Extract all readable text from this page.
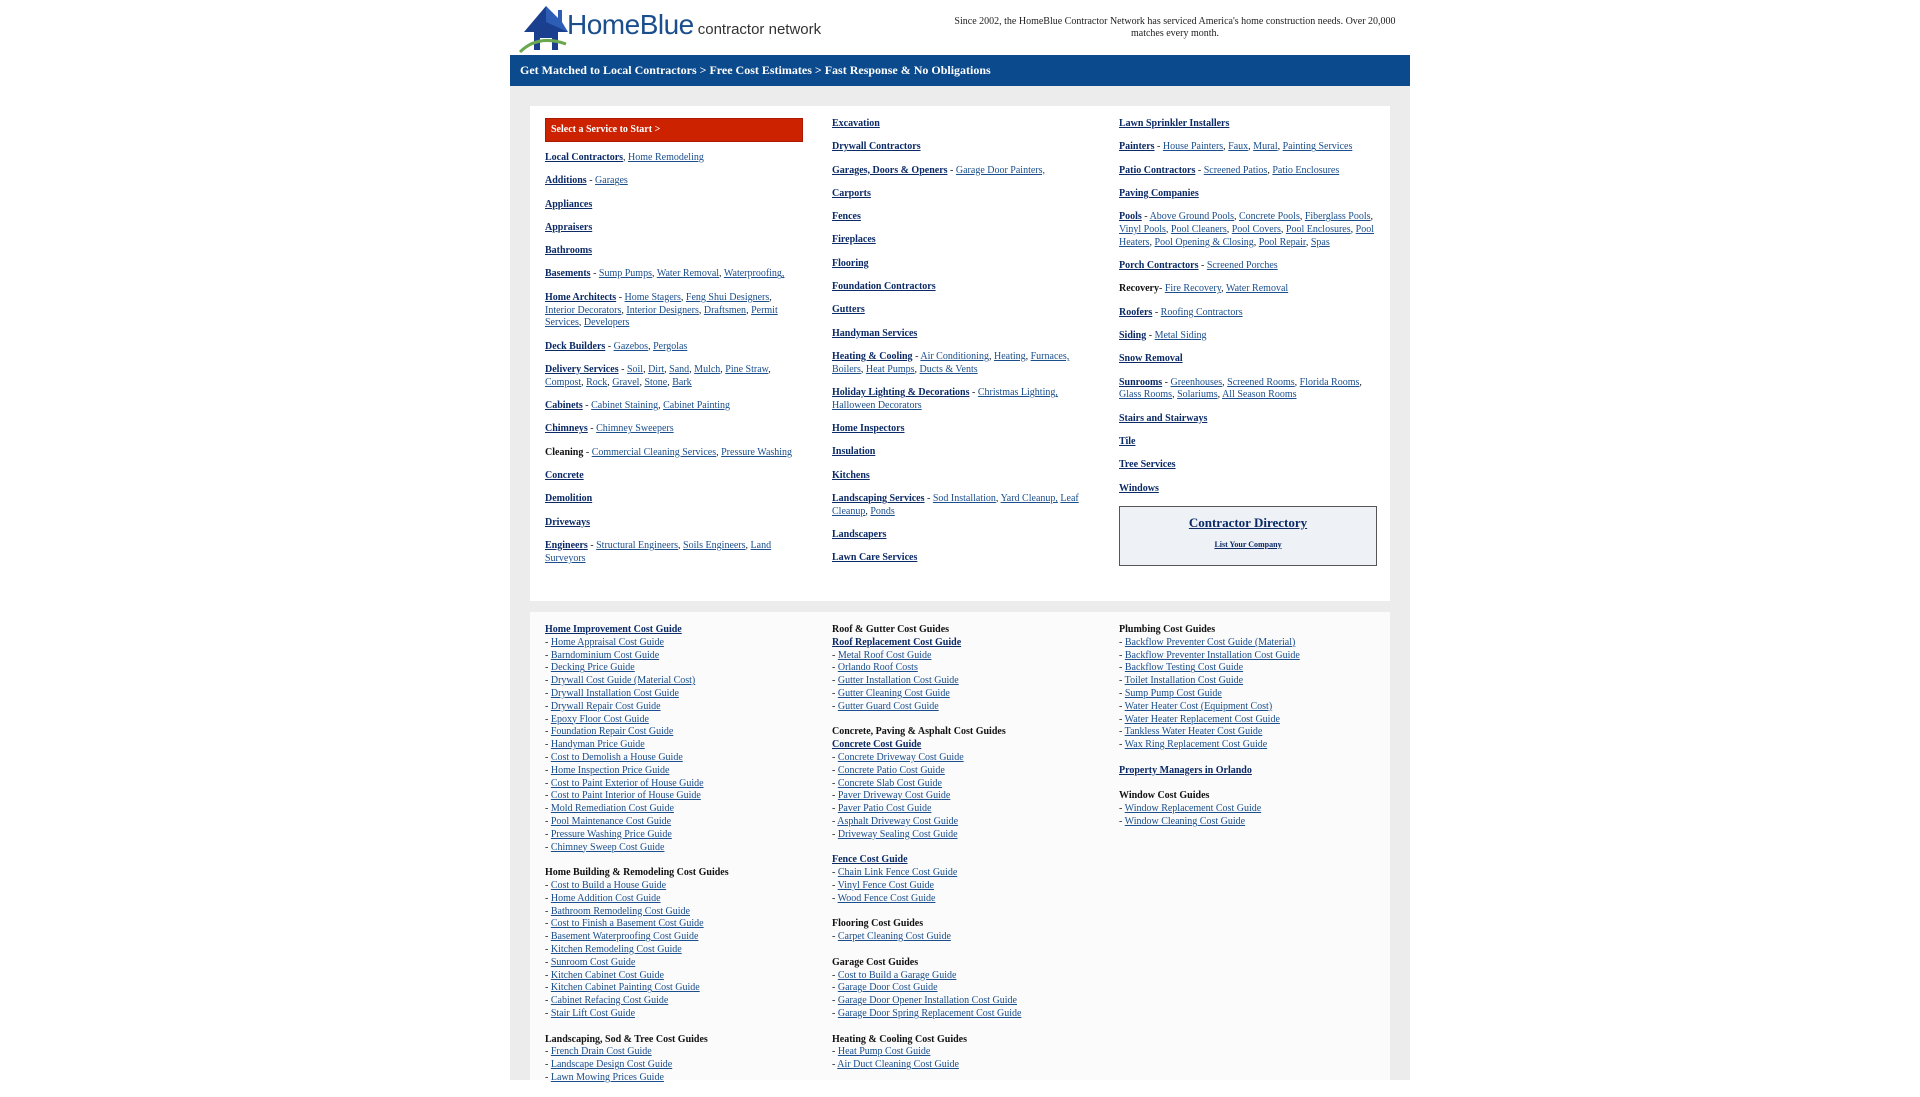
HomeBlue contractor network	Since 2002, the HomeBlue Contractor Network has serviced America's home construction needs. Over 20,000 matches every month.
Get Matched to Local Contractors > Free Cost Estimates > Fast Response & No Obligations
Select a Service to Start >
Local Contractors, Home Remodeling
Additions - Garages
Appliances
Appraisers
Bathrooms
Basements - Sump Pumps, Water Removal, Waterproofing,
Home Architects - Home Stagers, Feng Shui Designers, Interior Decorators, Interior Designers, Draftsmen, Permit Services, Developers
Deck Builders - Gazebos, Pergolas
Delivery Services - Soil, Dirt, Sand, Mulch, Pine Straw, Compost, Rock, Gravel, Stone, Bark
Cabinets - Cabinet Staining, Cabinet Painting
Chimneys - Chimney Sweepers
Cleaning - Commercial Cleaning Services, Pressure Washing
Concrete
Demolition
Driveways
Engineers - Structural Engineers, Soils Engineers, Land Surveyors
Excavation
Drywall Contractors
Garages, Doors & Openers - Garage Door Painters,
Carports
Fences
Fireplaces
Flooring
Foundation Contractors
Gutters
Handyman Services
Heating & Cooling - Air Conditioning, Heating, Furnaces, Boilers, Heat Pumps, Ducts & Vents
Holiday Lighting & Decorations - Christmas Lighting, Halloween Decorators
Home Inspectors
Insulation
Kitchens
Landscaping Services - Sod Installation, Yard Cleanup, Leaf Cleanup, Ponds
Landscapers
Lawn Care Services
Lawn Sprinkler Installers
Painters - House Painters, Faux, Mural, Painting Services
Patio Contractors - Screened Patios, Patio Enclosures
Paving Companies
Pools - Above Ground Pools, Concrete Pools, Fiberglass Pools, Vinyl Pools, Pool Cleaners, Pool Covers, Pool Enclosures, Pool Heaters, Pool Opening & Closing, Pool Repair, Spas
Porch Contractors - Screened Porches
Recovery- Fire Recovery, Water Removal
Roofers - Roofing Contractors
Siding - Metal Siding
Snow Removal
Sunrooms - Greenhouses, Screened Rooms, Florida Rooms, Glass Rooms, Solariums, All Season Rooms
Stairs and Stairways
Tile
Tree Services
Windows
Contractor Directory
List Your Company
Home Improvement Cost Guide
- Home Appraisal Cost Guide
- Barndominium Cost Guide
- Decking Price Guide
- Drywall Cost Guide (Material Cost)
- Drywall Installation Cost Guide
- Drywall Repair Cost Guide
- Epoxy Floor Cost Guide
- Foundation Repair Cost Guide
- Handyman Price Guide
- Cost to Demolish a House Guide
- Home Inspection Price Guide
- Cost to Paint Exterior of House Guide
- Cost to Paint Interior of House Guide
- Mold Remediation Cost Guide
- Pool Maintenance Cost Guide
- Pressure Washing Price Guide
- Chimney Sweep Cost Guide
Home Building & Remodeling Cost Guides
- Cost to Build a House Guide
- Home Addition Cost Guide
- Bathroom Remodeling Cost Guide
- Cost to Finish a Basement Cost Guide
- Basement Waterproofing Cost Guide
- Kitchen Remodeling Cost Guide
- Sunroom Cost Guide
- Kitchen Cabinet Cost Guide
- Kitchen Cabinet Painting Cost Guide
- Cabinet Refacing Cost Guide
- Stair Lift Cost Guide
Landscaping, Sod & Tree Cost Guides
- French Drain Cost Guide
- Landscape Design Cost Guide
- Lawn Mowing Prices Guide
Roof & Gutter Cost Guides
Roof Replacement Cost Guide
- Metal Roof Cost Guide
- Orlando Roof Costs
- Gutter Installation Cost Guide
- Gutter Cleaning Cost Guide
- Gutter Guard Cost Guide
Concrete, Paving & Asphalt Cost Guides
Concrete Cost Guide
- Concrete Driveway Cost Guide
- Concrete Patio Cost Guide
- Concrete Slab Cost Guide
- Paver Driveway Cost Guide
- Paver Patio Cost Guide
- Asphalt Driveway Cost Guide
- Driveway Sealing Cost Guide
Fence Cost Guide
- Chain Link Fence Cost Guide
- Vinyl Fence Cost Guide
- Wood Fence Cost Guide
Flooring Cost Guides
- Carpet Cleaning Cost Guide
Garage Cost Guides
- Cost to Build a Garage Guide
- Garage Door Cost Guide
- Garage Door Opener Installation Cost Guide
- Garage Door Spring Replacement Cost Guide
Heating & Cooling Cost Guides
- Heat Pump Cost Guide
- Air Duct Cleaning Cost Guide
Plumbing Cost Guides
- Backflow Preventer Cost Guide (Material)
- Backflow Preventer Installation Cost Guide
- Backflow Testing Cost Guide
- Toilet Installation Cost Guide
- Sump Pump Cost Guide
- Water Heater Cost (Equipment Cost)
- Water Heater Replacement Cost Guide
- Tankless Water Heater Cost Guide
- Wax Ring Replacement Cost Guide
Property Managers in Orlando
Window Cost Guides
- Window Replacement Cost Guide
- Window Cleaning Cost Guide
